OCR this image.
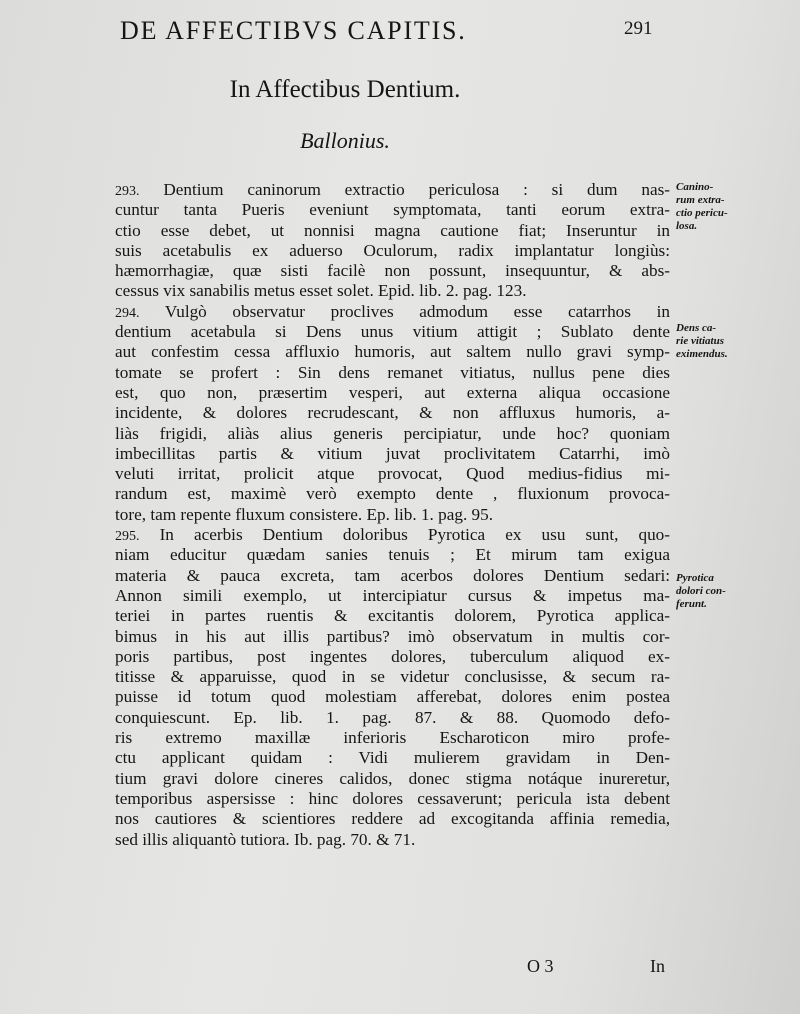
DE AFFECTIBVS CAPITIS.	291
In Affectibus Dentium.
Ballonius.

293. Dentium caninorum extractio periculosa : si dum nas-

cuntur tanta Pueris eveniunt symptomata, tanti eorum extra-

ctio esse debet, ut nonnisi magna cautione fiat; Inseruntur in

suis acetabulis ex aduerso Oculorum, radix implantatur longiùs:

hæmorrhagiæ, quæ sisti facilè non possunt, insequuntur, & abs-

cessus vix sanabilis metus esset solet. Epid. lib. 2. pag. 123.

294. Vulgò observatur proclives admodum esse catarrhos in

dentium acetabula si Dens unus vitium attigit ; Sublato dente

aut confestim cessa affluxio humoris, aut saltem nullo gravi symp-

tomate se profert : Sin dens remanet vitiatus, nullus pene dies

est, quo non, præsertim vesperi, aut externa aliqua occasione

incidente, & dolores recrudescant, & non affluxus humoris, a-

liàs frigidi, aliàs alius generis percipiatur, unde hoc? quoniam

imbecillitas partis & vitium juvat proclivitatem Catarrhi, imò

veluti irritat, prolicit atque provocat, Quod medius-fidius mi-

randum est, maximè verò exempto dente , fluxionum provoca-

tore, tam repente fluxum consistere. Ep. lib. 1. pag. 95.

295. In acerbis Dentium doloribus Pyrotica ex usu sunt, quo-

niam educitur quædam sanies tenuis ; Et mirum tam exigua

materia & pauca excreta, tam acerbos dolores Dentium sedari:

Annon simili exemplo, ut intercipiatur cursus & impetus ma-

teriei in partes ruentis & excitantis dolorem, Pyrotica applica-

bimus in his aut illis partibus? imò observatum in multis cor-

poris partibus, post ingentes dolores, tuberculum aliquod ex-

titisse & apparuisse, quod in se videtur conclusisse, & secum ra-

puisse id totum quod molestiam afferebat, dolores enim postea

conquiescunt. Ep. lib. 1. pag. 87. & 88. Quomodo defo-

ris extremo maxillæ inferioris Escharoticon miro profe-

ctu applicant quidam : Vidi mulierem gravidam in Den-

tium gravi dolore cineres calidos, donec stigma notáque inureretur,

temporibus aspersisse : hinc dolores cessaverunt; pericula ista debent

nos cautiores & scientiores reddere ad excogitanda affinia remedia,

sed illis aliquantò tutiora. Ib. pag. 70. & 71.

Canino-

rum extra-

ctio pericu-

losa.

Dens ca-

rie vitiatus

eximendus.

Pyrotica

dolori con-

ferunt.

O 3	In
